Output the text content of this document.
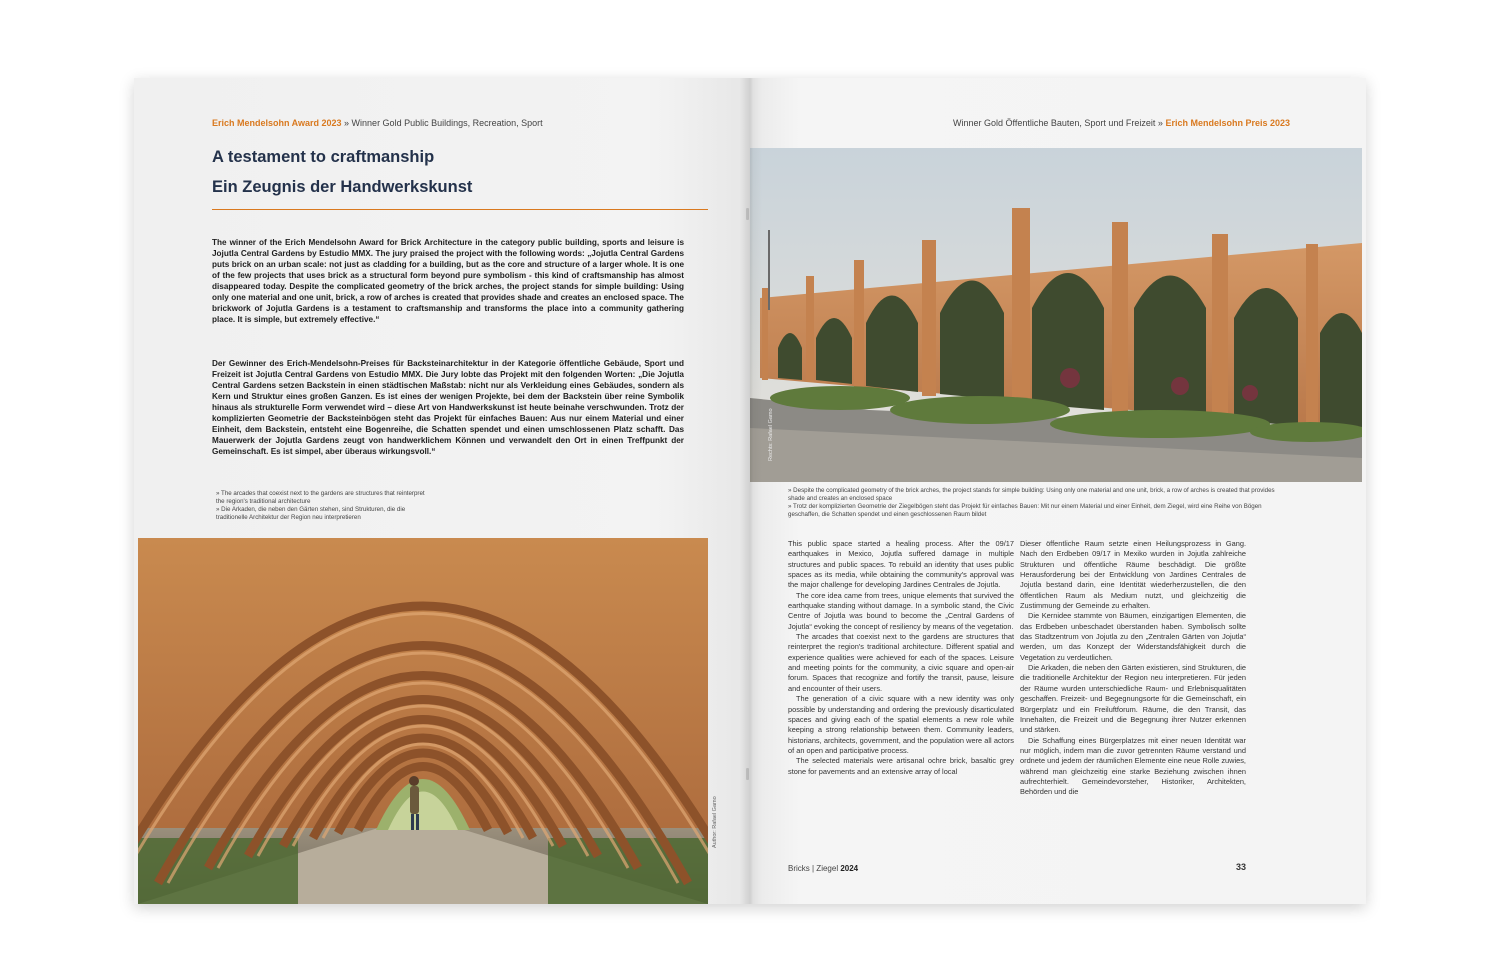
Erich Mendelsohn Award 2023 » Winner Gold Public Buildings, Recreation, Sport
A testament to craftmanship
Ein Zeugnis der Handwerkskunst

The winner of the Erich Mendelsohn Award for Brick Architecture in the category public building, sports and leisure is Jojutla Central Gardens by Estudio MMX. The jury praised the project with the following words: „Jojutla Central Gardens puts brick on an urban scale: not just as cladding for a building, but as the core and structure of a larger whole. It is one of the few projects that uses brick as a structural form beyond pure symbolism - this kind of craftsmanship has almost disappeared today. Despite the complicated geometry of the brick arches, the project stands for simple building: Using only one material and one unit, brick, a row of arches is created that provides shade and creates an enclosed space. The brickwork of Jojutla Gardens is a testament to craftsmanship and transforms the place into a community gathering place. It is simple, but extremely effective.“

Der Gewinner des Erich-Mendelsohn-Preises für Backsteinarchitektur in der Kategorie öffentliche Gebäude, Sport und Freizeit ist Jojutla Central Gardens von Estudio MMX. Die Jury lobte das Projekt mit den folgenden Worten: „Die Jojutla Central Gardens setzen Backstein in einen städtischen Maßstab: nicht nur als Verkleidung eines Gebäudes, sondern als Kern und Struktur eines großen Ganzen. Es ist eines der wenigen Projekte, bei dem der Backstein über reine Symbolik hinaus als strukturelle Form verwendet wird – diese Art von Handwerkskunst ist heute beinahe verschwunden. Trotz der komplizierten Geometrie der Backsteinbögen steht das Projekt für einfaches Bauen: Aus nur einem Material und einer Einheit, dem Backstein, entsteht eine Bogenreihe, die Schatten spendet und einen umschlossenen Platz schafft. Das Mauerwerk der Jojutla Gardens zeugt von handwerklichem Können und verwandelt den Ort in einen Treffpunkt der Gemeinschaft. Es ist simpel, aber überaus wirkungsvoll.“

» The arcades that coexist next to the gardens are structures that reinterpret the region's traditional architecture
» Die Arkaden, die neben den Gärten stehen, sind Strukturen, die die traditionelle Architektur der Region neu interpretieren
Author: Rafael Gamo
Winner Gold Öffentliche Bauten, Sport und Freizeit » Erich Mendelsohn Preis 2023
Rechts: Rafael Gamo
» Despite the complicated geometry of the brick arches, the project stands for simple building: Using only one material and one unit, brick, a row of arches is created that provides shade and creates an enclosed space
» Trotz der komplizierten Geometrie der Ziegelbögen steht das Projekt für einfaches Bauen: Mit nur einem Material und einer Einheit, dem Ziegel, wird eine Reihe von Bögen geschaffen, die Schatten spendet und einen geschlossenen Raum bildet

This public space started a healing process. After the 09/17 earthquakes in Mexico, Jojutla suffered damage in multiple structures and public spaces. To rebuild an identity that uses public spaces as its media, while obtaining the community's approval was the major challenge for developing Jardines Centrales de Jojutla.

The core idea came from trees, unique elements that survived the earthquake standing without damage. In a symbolic stand, the Civic Centre of Jojutla was bound to become the „Central Gardens of Jojutla“ evoking the concept of resiliency by means of the vegetation.

The arcades that coexist next to the gardens are structures that reinterpret the region's traditional architecture. Different spatial and experience qualities were achieved for each of the spaces. Leisure and meeting points for the community, a civic square and open-air forum. Spaces that recognize and fortify the transit, pause, leisure and encounter of their users.

The generation of a civic square with a new identity was only possible by understanding and ordering the previously disarticulated spaces and giving each of the spatial elements a new role while keeping a strong relationship between them. Community leaders, historians, architects, government, and the population were all actors of an open and participative process.

The selected materials were artisanal ochre brick, basaltic grey stone for pavements and an extensive array of local

Dieser öffentliche Raum setzte einen Heilungsprozess in Gang. Nach den Erdbeben 09/17 in Mexiko wurden in Jojutla zahlreiche Strukturen und öffentliche Räume beschädigt. Die größte Herausforderung bei der Entwicklung von Jardines Centrales de Jojutla bestand darin, eine Identität wiederherzustellen, die den öffentlichen Raum als Medium nutzt, und gleichzeitig die Zustimmung der Gemeinde zu erhalten.

Die Kernidee stammte von Bäumen, einzigartigen Elementen, die das Erdbeben unbeschadet überstanden haben. Symbolisch sollte das Stadtzentrum von Jojutla zu den „Zentralen Gärten von Jojutla“ werden, um das Konzept der Widerstandsfähigkeit durch die Vegetation zu verdeutlichen.

Die Arkaden, die neben den Gärten existieren, sind Strukturen, die die traditionelle Architektur der Region neu interpretieren. Für jeden der Räume wurden unterschiedliche Raum- und Erlebnisqualitäten geschaffen. Freizeit- und Begegnungsorte für die Gemeinschaft, ein Bürgerplatz und ein Freiluftforum. Räume, die den Transit, das Innehalten, die Freizeit und die Begegnung ihrer Nutzer erkennen und stärken.

Die Schaffung eines Bürgerplatzes mit einer neuen Identität war nur möglich, indem man die zuvor getrennten Räume verstand und ordnete und jedem der räumlichen Elemente eine neue Rolle zuwies, während man gleichzeitig eine starke Beziehung zwischen ihnen aufrechterhielt. Gemeindevorsteher, Historiker, Architekten, Behörden und die

Bricks | Ziegel 2024	33
